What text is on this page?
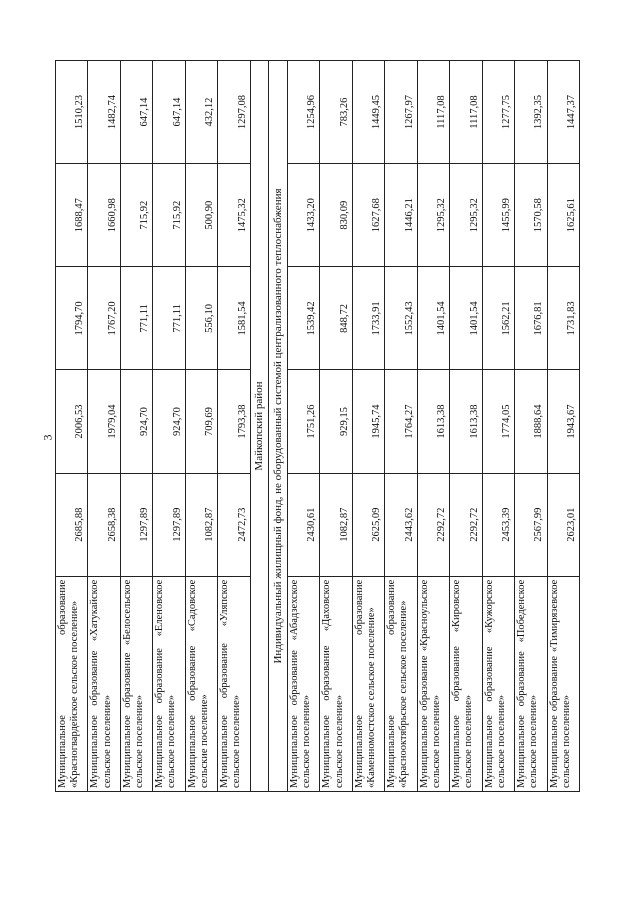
3
Муниципальное образование «Красногвардейское сельское поселение»	2685,88	2006,53	1794,70	1688,47	1510,23
Муниципальное образование «Хатукайское сельское поселение»	2658,38	1979,04	1767,20	1660,98	1482,74
Муниципальное образование «Белосельское сельское поселение»	1297,89	924,70	771,11	715,92	647,14
Муниципальное образование «Еленовское сельское поселение»	1297,89	924,70	771,11	715,92	647,14
Муниципальное образование «Садовское сельские поселение»	1082,87	709,69	556,10	500,90	432,12
Муниципальное образование «Уляпское сельское поселение»	2472,73	1793,38	1581,54	1475,32	1297,08
Майкопский район					
Индивидуальный жилищный фонд, не оборудованный системой централизованного теплоснабжения					
Муниципальное образование «Абадзехское сельское поселение»	2430,61	1751,26	1539,42	1433,20	1254,96
Муниципальное образование «Даховское сельское поселение»	1082,87	929,15	848,72	830,09	783,26
Муниципальное образование «Каменномостское сельское поселение»	2625,09	1945,74	1733,91	1627,68	1449,45
Муниципальное образование «Краснооктябрьское сельское поселение»	2443,62	1764,27	1552,43	1446,21	1267,97
Муниципальное образование «Красноульское сельское поселение»	2292,72	1613,38	1401,54	1295,32	1117,08
Муниципальное образование «Кировское сельское поселение»	2292,72	1613,38	1401,54	1295,32	1117,08
Муниципальное образование «Кужорское сельское поселение»	2453,39	1774,05	1562,21	1455,99	1277,75
Муниципальное образование «Победенское сельское поселение»	2567,99	1888,64	1676,81	1570,58	1392,35
Муниципальное образование «Тимирязевское сельское поселение»	2623,01	1943,67	1731,83	1625,61	1447,37
